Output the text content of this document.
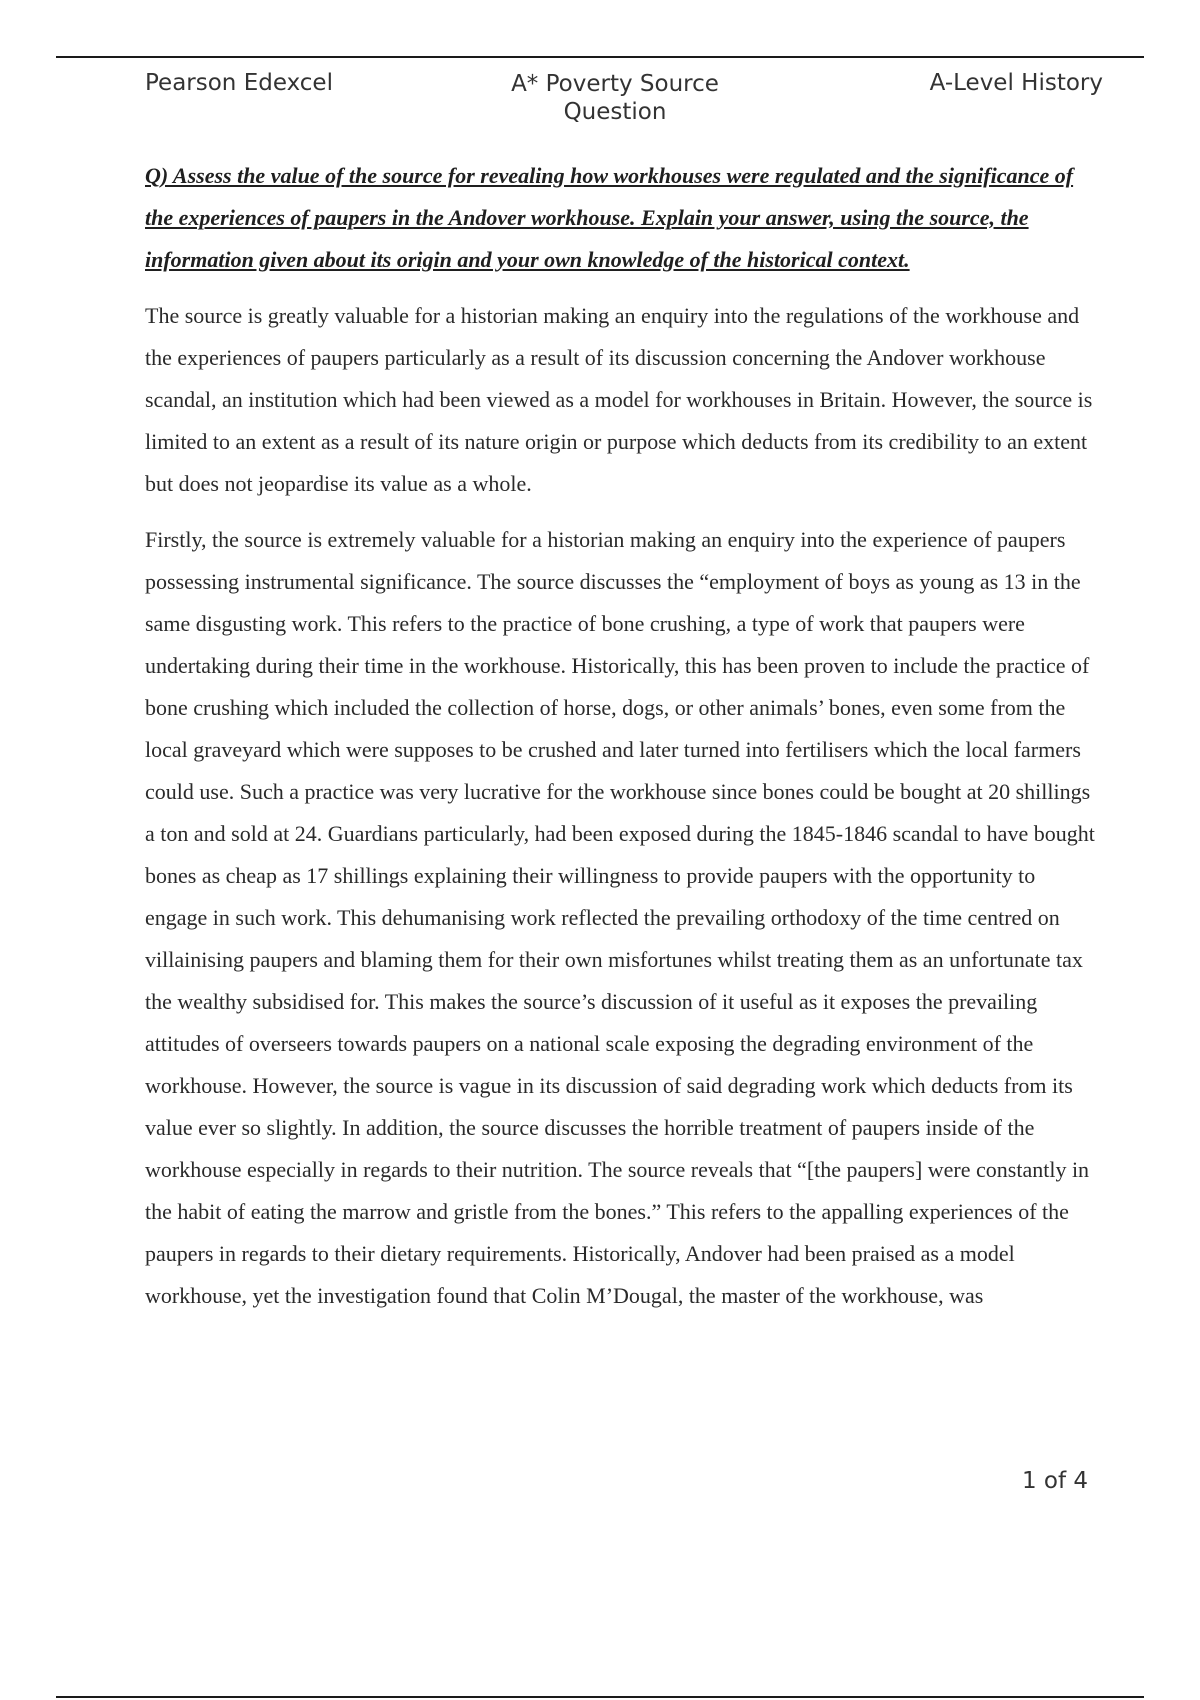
Pearson Edexcel	A* Poverty Source Question
A-Level History

Q) Assess the value of the source for revealing how workhouses were regulated and the significance of the experiences of paupers in the Andover workhouse. Explain your answer, using the source, the information given about its origin and your own knowledge of the historical context.

The source is greatly valuable for a historian making an enquiry into the regulations of the workhouse and the experiences of paupers particularly as a result of its discussion concerning the Andover workhouse scandal, an institution which had been viewed as a model for workhouses in Britain. However, the source is limited to an extent as a result of its nature origin or purpose which deducts from its credibility to an extent but does not jeopardise its value as a whole.

Firstly, the source is extremely valuable for a historian making an enquiry into the experience of paupers possessing instrumental significance. The source discusses the “employment of boys as young as 13 in the same disgusting work. This refers to the practice of bone crushing, a type of work that paupers were undertaking during their time in the workhouse. Historically, this has been proven to include the practice of bone crushing which included the collection of horse, dogs, or other animals’ bones, even some from the local graveyard which were supposes to be crushed and later turned into fertilisers which the local farmers could use. Such a practice was very lucrative for the workhouse since bones could be bought at 20 shillings a ton and sold at 24. Guardians particularly, had been exposed during the 1845-1846 scandal to have bought bones as cheap as 17 shillings explaining their willingness to provide paupers with the opportunity to engage in such work. This dehumanising work reflected the prevailing orthodoxy of the time centred on villainising paupers and blaming them for their own misfortunes whilst treating them as an unfortunate tax the wealthy subsidised for. This makes the source’s discussion of it useful as it exposes the prevailing attitudes of overseers towards paupers on a national scale exposing the degrading environment of the workhouse. However, the source is vague in its discussion of said degrading work which deducts from its value ever so slightly. In addition, the source discusses the horrible treatment of paupers inside of the workhouse especially in regards to their nutrition. The source reveals that “[the paupers] were constantly in the habit of eating the marrow and gristle from the bones.” This refers to the appalling experiences of the paupers in regards to their dietary requirements. Historically, Andover had been praised as a model workhouse, yet the investigation found that Colin M’Dougal, the master of the workhouse, was

1 of 4
